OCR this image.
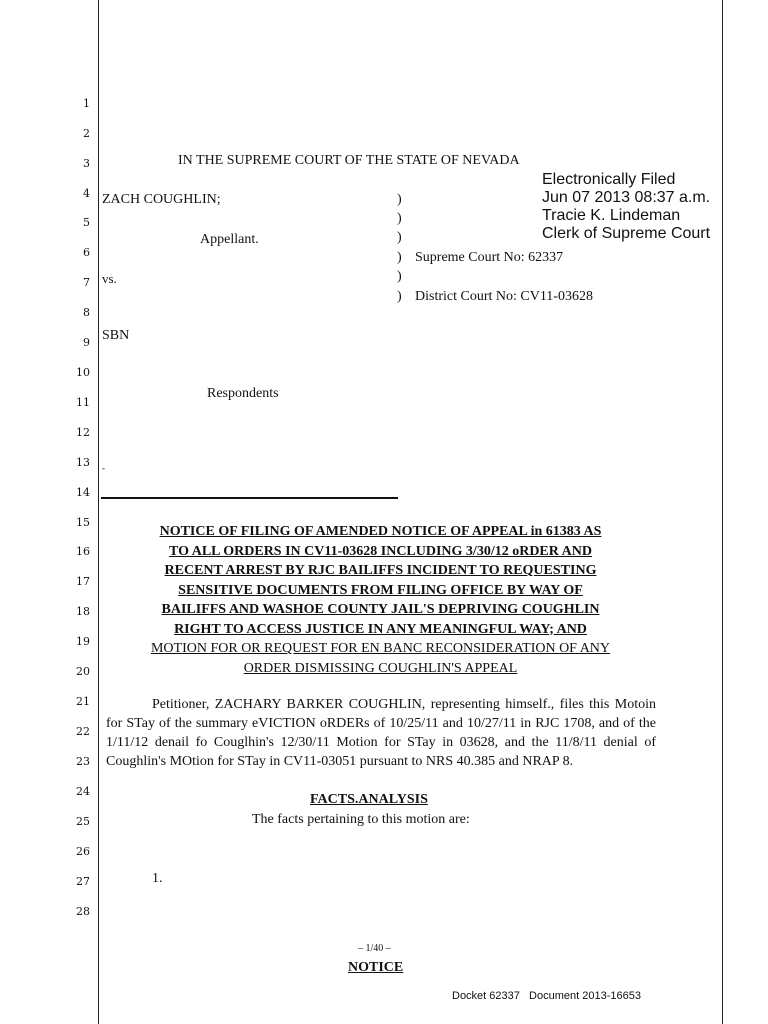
1
2
3
4
5
6
7
8
9
10
11
12
13
14
15
16
17
18
19
20
21
22
23
24
25
26
27
28
IN THE SUPREME COURT OF THE STATE OF NEVADA
Electronically Filed
Jun 07 2013 08:37 a.m.
Tracie K. Lindeman
Clerk of Supreme Court
ZACH COUGHLIN;
Appellant.
vs.
SBN
Respondents
-
)
)
)
)
)
)
Supreme Court No: 62337
District Court No: CV11-03628
NOTICE OF FILING OF AMENDED NOTICE OF APPEAL in 61383 AS
TO ALL ORDERS IN CV11-03628 INCLUDING 3/30/12 oRDER AND
RECENT ARREST BY RJC BAILIFFS INCIDENT TO REQUESTING
SENSITIVE DOCUMENTS FROM FILING OFFICE BY WAY OF
BAILIFFS AND WASHOE COUNTY JAIL'S DEPRIVING COUGHLIN
RIGHT TO ACCESS JUSTICE IN ANY MEANINGFUL WAY; AND
MOTION FOR OR REQUEST FOR EN BANC RECONSIDERATION OF ANY
ORDER DISMISSING COUGHLIN'S APPEAL
Petitioner, ZACHARY BARKER COUGHLIN, representing himself., files this Motoin for STay of the summary eVICTION oRDERs of 10/25/11 and 10/27/11 in RJC 1708, and of the 1/11/12 denail fo Couglhin's 12/30/11 Motion for STay in 03628, and the 11/8/11 denial of Coughlin's MOtion for STay in CV11-03051 pursuant to NRS 40.385 and NRAP 8.
FACTS.ANALYSIS
The facts pertaining to this motion are:
1.
– 1/40 –
NOTICE
Docket 62337   Document 2013-16653
